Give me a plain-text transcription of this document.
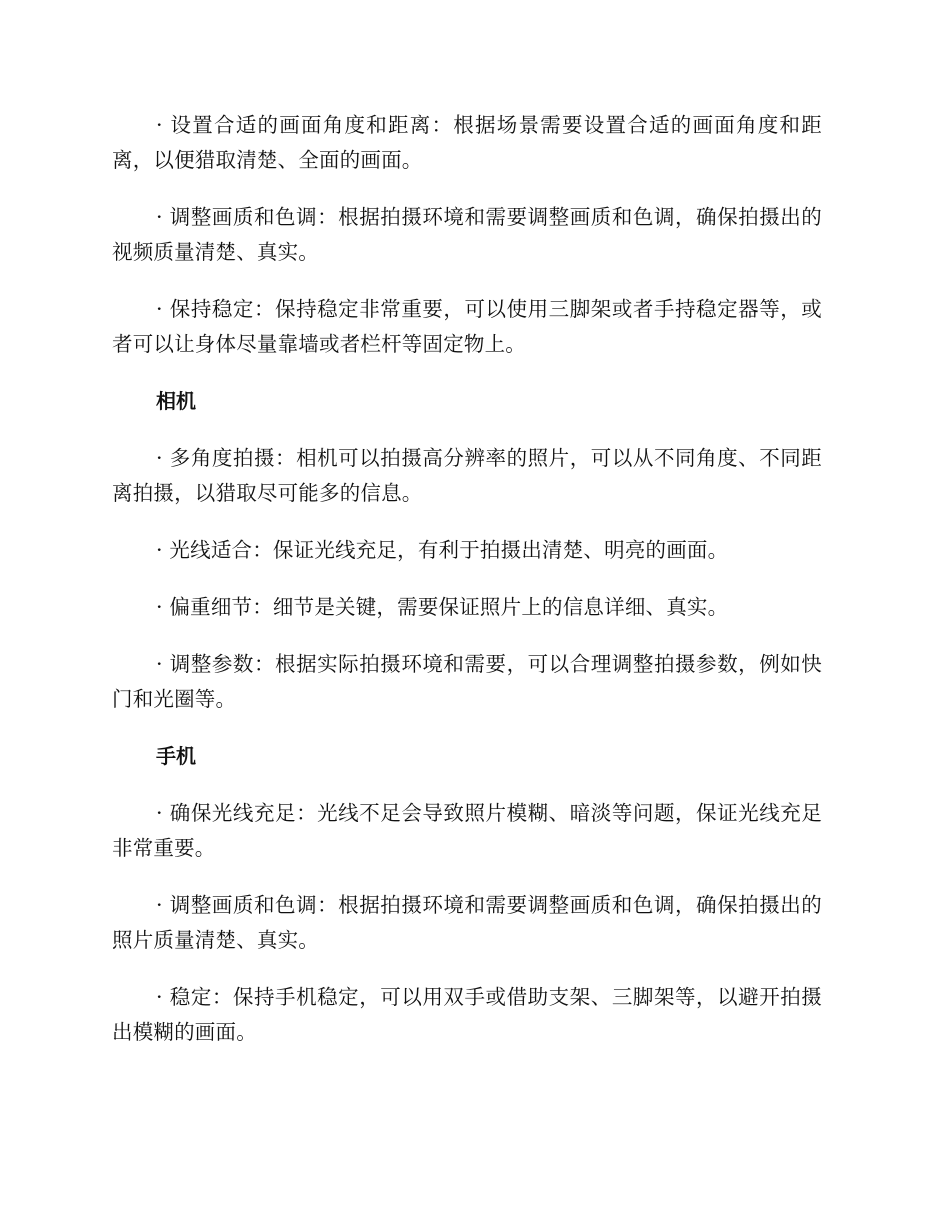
· 设置合适的画面角度和距离：根据场景需要设置合适的画面角度和距离，以便猎取清楚、全面的画面。

· 调整画质和色调：根据拍摄环境和需要调整画质和色调，确保拍摄出的视频质量清楚、真实。

· 保持稳定：保持稳定非常重要，可以使用三脚架或者手持稳定器等，或者可以让身体尽量靠墙或者栏杆等固定物上。

相机

· 多角度拍摄：相机可以拍摄高分辨率的照片，可以从不同角度、不同距离拍摄，以猎取尽可能多的信息。

· 光线适合：保证光线充足，有利于拍摄出清楚、明亮的画面。

· 偏重细节：细节是关键，需要保证照片上的信息详细、真实。

· 调整参数：根据实际拍摄环境和需要，可以合理调整拍摄参数，例如快门和光圈等。

手机

· 确保光线充足：光线不足会导致照片模糊、暗淡等问题，保证光线充足非常重要。

· 调整画质和色调：根据拍摄环境和需要调整画质和色调，确保拍摄出的照片质量清楚、真实。

· 稳定：保持手机稳定，可以用双手或借助支架、三脚架等，以避开拍摄出模糊的画面。
